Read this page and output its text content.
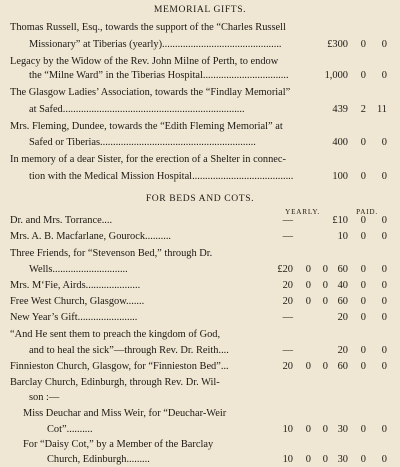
MEMORIAL GIFTS.
Thomas Russell, Esq., towards the support of the “Charles Russell
Missionary” at Tiberias (yearly)..............................................	£300 0 0
Legacy by the Widow of the Rev. John Milne of Perth, to endow
the “Milne Ward” in the Tiberias Hospital.................................	1,000 0 0
The Glasgow Ladies’ Association, towards the “Findlay Memorial”
at Safed......................................................................	439 2 11
Mrs. Fleming, Dundee, towards the “Edith Fleming Memorial” at
Safed or Tiberias............................................................	400 0 0
In memory of a dear Sister, for the erection of a Shelter in connec-
tion with the Medical Mission Hospital.......................................	100 0 0
FOR BEDS AND COTS.
YEARLY.	PAID.
Dr. and Mrs. Torrance....	—	£10 0 0
Mrs. A. B. Macfarlane, Gourock..........	—	10 0 0
Three Friends, for “Stevenson Bed,” through Dr.
Wells.............................	£20 0 0 60 0 0
Mrs. M‘Fie, Airds.....................	20 0 0 40 0 0
Free West Church, Glasgow.......	20 0 0 60 0 0
New Year’s Gift.......................	—	20 0 0
“And He sent them to preach the kingdom of God,
and to heal the sick”—through Rev. Dr. Reith....	—	20 0 0
Finnieston Church, Glasgow, for “Finnieston Bed”...	20 0 0 60 0 0
Barclay Church, Edinburgh, through Rev. Dr. Wil-
son :—
Miss Deuchar and Miss Weir, for “Deuchar-Weir
Cot”..........	10 0 0 30 0 0
For “Daisy Cot,” by a Member of the Barclay
Church, Edinburgh.........	10 0 0 30 0 0
